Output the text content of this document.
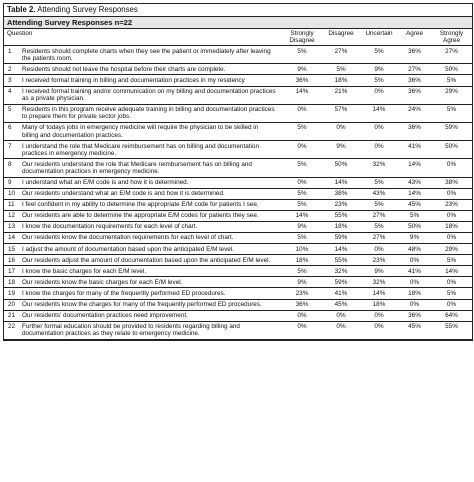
Table 2. Attending Survey Responses
Attending Survey Responses n=22
Question		Strongly Disagree	Disagree	Uncertain	Agree	Strongly Agree
1	Residents should complete charts when they see the patient or immediately after leaving the patients room.	5%	27%	5%	36%	27%
2	Residents should not leave the hospital before their charts are complete.	9%	5%	9%	27%	50%
3	I received formal training in billing and documentation practices in my residency	36%	18%	5%	36%	5%
4	I received formal training and/or communication on my billing and documentation practices as a private physician.	14%	21%	0%	36%	29%
5	Residents in this program receive adequate training in billing and documentation practices to prepare them for private sector jobs.	0%	57%	14%	24%	5%
6	Many of todays jobs in emergency medicine will require the physician to be skilled in billing and documentation practices.	5%	0%	0%	36%	59%
7	I understand the role that Medicare reimbursement has on billing and documentation practices in emergency medicine.	0%	9%	0%	41%	50%
8	Our residents understand the role that Medicare reimbursement has on billing and documentation practices in emergency medicine.	5%	50%	32%	14%	0%
9	I understand what an E/M code is and how it is determined.	0%	14%	5%	43%	38%
10	Our residents understand what an E/M code is and how it is determined.	5%	38%	43%	14%	0%
11	I feel confident in my ability to determine the appropriate E/M code for patients I see.	5%	23%	5%	45%	23%
12	Our residents are able to determine the appropriate E/M codes for patients they see.	14%	55%	27%	5%	0%
13	I know the documentation requirements for each level of chart.	9%	18%	5%	50%	18%
14	Our residents know the documentation requirements for each level of chart.	5%	59%	27%	9%	0%
15	I adjust the amount of documentation based upon the anticipated E/M level.	10%	14%	0%	48%	29%
16	Our residents adjust the amount of documentation based upon the anticipated E/M level.	18%	55%	23%	0%	5%
17	I know the basic charges for each E/M level.	5%	32%	9%	41%	14%
18	Our residents know the basic charges for each E/M level.	9%	59%	32%	0%	0%
19	I know the charges for many of the frequently performed ED procedures.	23%	41%	14%	18%	5%
20	Our residents know the charges for many of the frequently performed ED procedures.	36%	45%	18%	0%	0%
21	Our residents' documentation practices need improvement.	0%	0%	0%	36%	64%
22	Further formal education should be provided to residents regarding billing and documentation practices as they relate to emergency medicine.	0%	0%	0%	45%	55%
